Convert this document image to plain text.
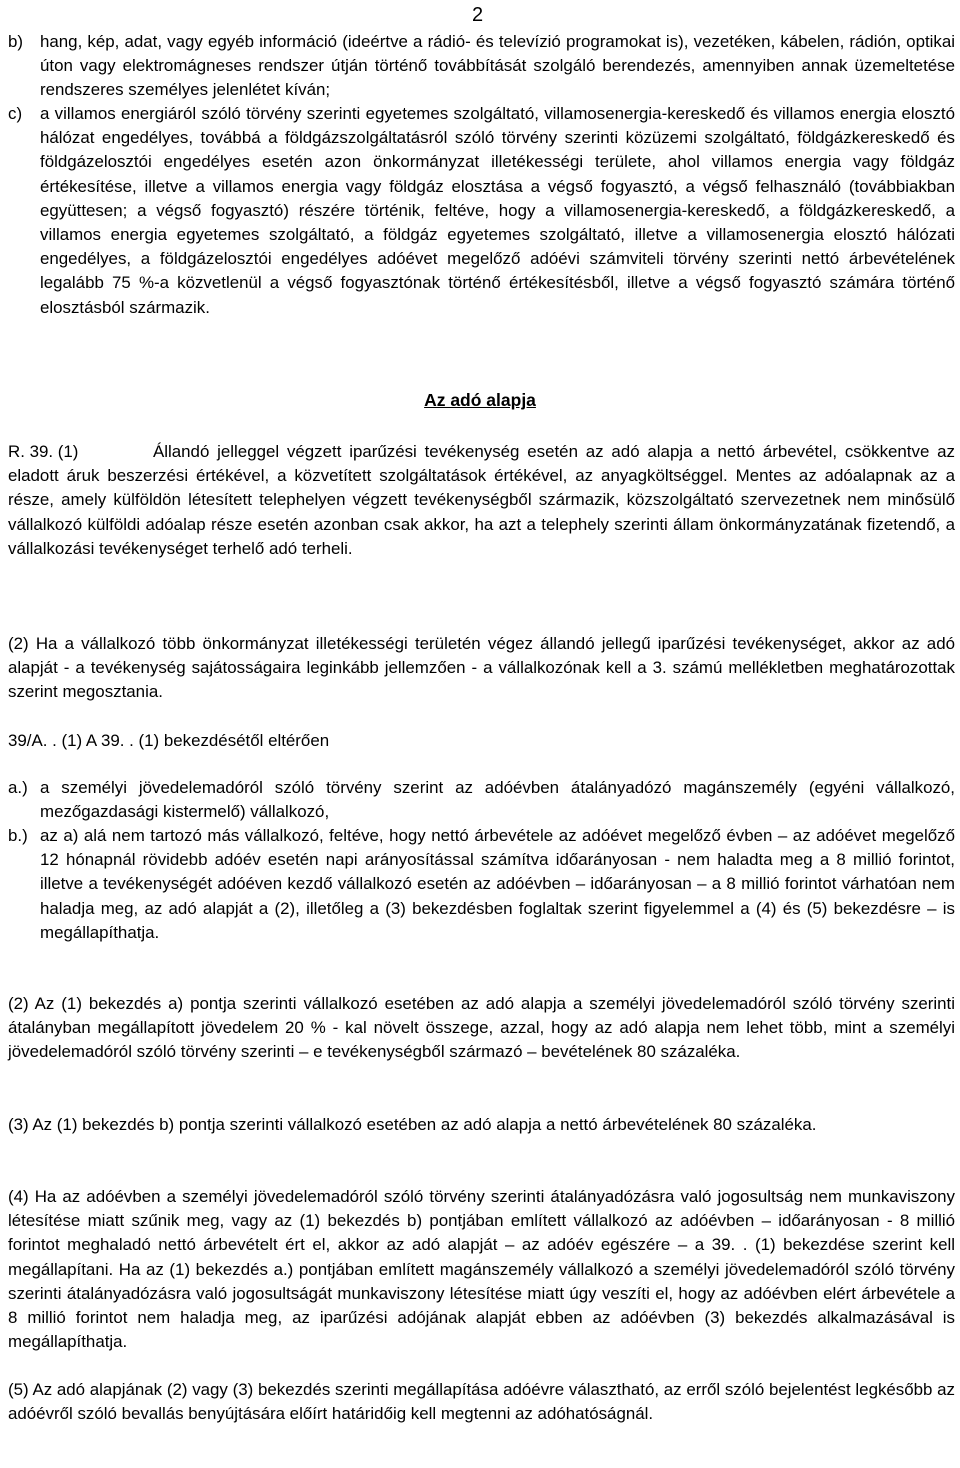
2
b) hang, kép, adat, vagy egyéb információ (ideértve a rádió- és televízió programokat is), vezetéken, kábelen, rádión, optikai úton vagy elektromágneses rendszer útján történő továbbítását szolgáló berendezés, amennyiben annak üzemeltetése rendszeres személyes jelenlétet kíván;
c) a villamos energiáról szóló törvény szerinti egyetemes szolgáltató, villamosenergia-kereskedő és villamos energia elosztó hálózat engedélyes, továbbá a földgázszolgáltatásról szóló törvény szerinti közüzemi szolgáltató, földgázkereskedő és földgázelosztói engedélyes esetén azon önkormányzat illetékességi területe, ahol villamos energia vagy földgáz értékesítése, illetve a villamos energia vagy földgáz elosztása a végső fogyasztó, a végső felhasználó (továbbiakban együttesen; a végső fogyasztó) részére történik, feltéve, hogy a villamosenergia-kereskedő, a földgázkereskedő, a villamos energia egyetemes szolgáltató, a földgáz egyetemes szolgáltató, illetve a villamosenergia elosztó hálózati engedélyes, a földgázelosztói engedélyes adóévet megelőző adóévi számviteli törvény szerinti nettó árbevételének legalább 75 %-a közvetlenül a végső fogyasztónak történő értékesítésből, illetve a végső fogyasztó számára történő elosztásból származik.
Az adó alapja
R. 39. (1)	Állandó jelleggel végzett iparűzési tevékenység esetén az adó alapja a nettó árbevétel, csökkentve az eladott áruk beszerzési értékével, a közvetített szolgáltatások értékével, az anyagköltséggel. Mentes az adóalapnak az a része, amely külföldön létesített telephelyen végzett tevékenységből származik, közszolgáltató szervezetnek nem minősülő vállalkozó külföldi adóalap része esetén azonban csak akkor, ha azt a telephely szerinti állam önkormányzatának fizetendő, a vállalkozási tevékenységet terhelő adó terheli.
(2) Ha a vállalkozó több önkormányzat illetékességi területén végez állandó jellegű iparűzési tevékenységet, akkor az adó alapját - a tevékenység sajátosságaira leginkább jellemzően - a vállalkozónak kell a 3. számú mellékletben meghatározottak szerint megosztania.
39/A. . (1) A 39. . (1) bekezdésétől eltérően
a.) a személyi jövedelemadóról szóló törvény szerint az adóévben átalányadózó magánszemély (egyéni vállalkozó, mezőgazdasági kistermelő) vállalkozó,
b.) az a) alá nem tartozó más vállalkozó, feltéve, hogy nettó árbevétele az adóévet megelőző évben – az adóévet megelőző 12 hónapnál rövidebb adóév esetén napi arányosítással számítva időarányosan - nem haladta meg a 8 millió forintot, illetve a tevékenységét adóéven kezdő vállalkozó esetén az adóévben – időarányosan – a 8 millió forintot várhatóan nem haladja meg, az adó alapját a (2), illetőleg a (3) bekezdésben foglaltak szerint figyelemmel a (4) és (5) bekezdésre – is megállapíthatja.
(2) Az (1) bekezdés a) pontja szerinti vállalkozó esetében az adó alapja a személyi jövedelemadóról szóló törvény szerinti átalányban megállapított jövedelem 20 % - kal növelt összege, azzal, hogy az adó alapja nem lehet több, mint a személyi jövedelemadóról szóló törvény szerinti – e tevékenységből származó – bevételének 80 százaléka.
(3) Az (1) bekezdés b) pontja szerinti vállalkozó esetében az adó alapja a nettó árbevételének 80 százaléka.
(4) Ha az adóévben a személyi jövedelemadóról szóló törvény szerinti átalányadózásra való jogosultság nem munkaviszony létesítése miatt szűnik meg, vagy az (1) bekezdés b) pontjában említett vállalkozó az adóévben – időarányosan - 8 millió forintot meghaladó nettó árbevételt ért el, akkor az adó alapját – az adóév egészére – a 39. . (1) bekezdése szerint kell megállapítani. Ha az (1) bekezdés a.) pontjában említett magánszemély vállalkozó a személyi jövedelemadóról szóló törvény szerinti átalányadózásra való jogosultságát munkaviszony létesítése miatt úgy veszíti el, hogy az adóévben elért árbevétele a 8 millió forintot nem haladja meg, az iparűzési adójának alapját ebben az adóévben (3) bekezdés alkalmazásával is megállapíthatja.
(5) Az adó alapjának (2) vagy (3) bekezdés szerinti megállapítása adóévre választható, az erről szóló bejelentést legkésőbb az adóévről szóló bevallás benyújtására előírt határidőig kell megtenni az adóhatóságnál.
